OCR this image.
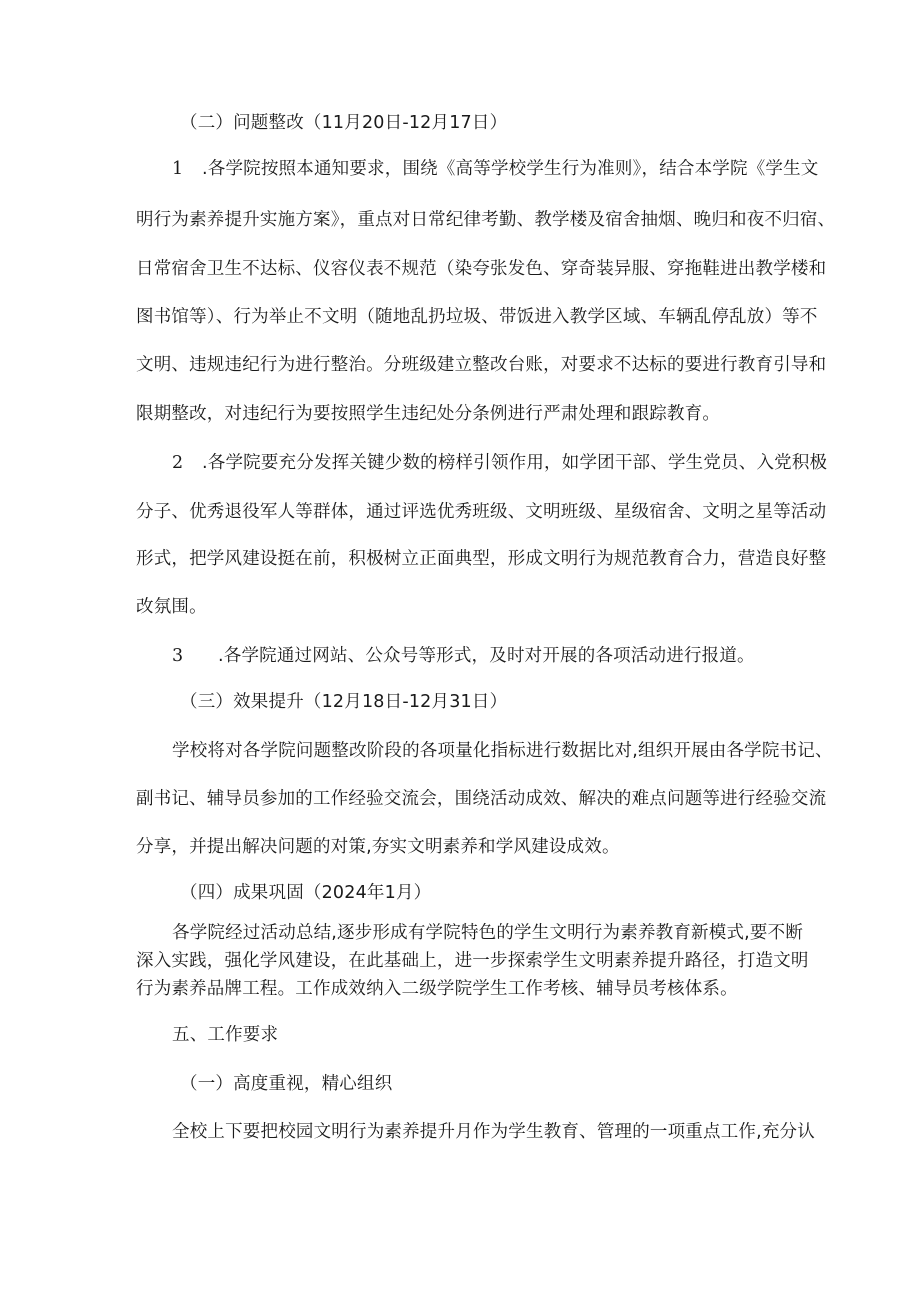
（二）问题整改（11月20日-12月17日）
1 .各学院按照本通知要求，围绕《高等学校学生行为准则》，结合本学院《学生文
明行为素养提升实施方案》，重点对日常纪律考勤、教学楼及宿舍抽烟、晚归和夜不归宿、
日常宿舍卫生不达标、仪容仪表不规范（染夸张发色、穿奇装异服、穿拖鞋进出教学楼和
图书馆等）、行为举止不文明（随地乱扔垃圾、带饭进入教学区域、车辆乱停乱放）等不
文明、违规违纪行为进行整治。分班级建立整改台账，对要求不达标的要进行教育引导和
限期整改，对违纪行为要按照学生违纪处分条例进行严肃处理和跟踪教育。
2 .各学院要充分发挥关键少数的榜样引领作用，如学团干部、学生党员、入党积极
分子、优秀退役军人等群体，通过评选优秀班级、文明班级、星级宿舍、文明之星等活动
形式，把学风建设挺在前，积极树立正面典型，形成文明行为规范教育合力，营造良好整
改氛围。
3 .各学院通过网站、公众号等形式，及时对开展的各项活动进行报道。
（三）效果提升（12月18日-12月31日）
学校将对各学院问题整改阶段的各项量化指标进行数据比对,组织开展由各学院书记、
副书记、辅导员参加的工作经验交流会，围绕活动成效、解决的难点问题等进行经验交流
分享，并提出解决问题的对策,夯实文明素养和学风建设成效。
（四）成果巩固（2024年1月）
各学院经过活动总结,逐步形成有学院特色的学生文明行为素养教育新模式,要不断
深入实践，强化学风建设，在此基础上，进一步探索学生文明素养提升路径，打造文明
行为素养品牌工程。工作成效纳入二级学院学生工作考核、辅导员考核体系。
五、工作要求
（一）高度重视，精心组织
全校上下要把校园文明行为素养提升月作为学生教育、管理的一项重点工作,充分认
